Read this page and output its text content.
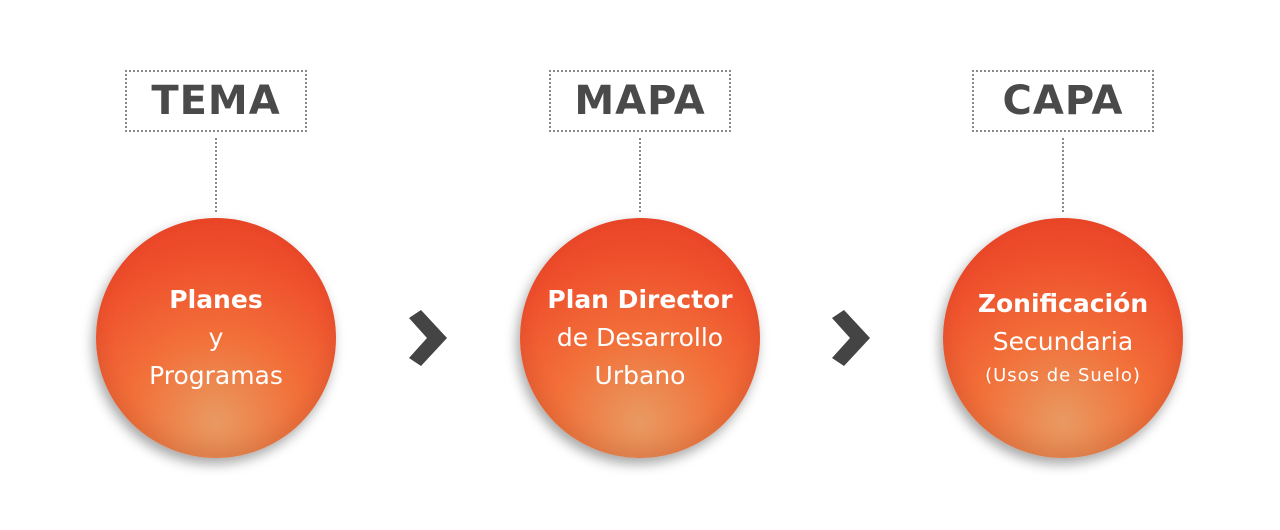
TEMA
Planes
y
Programas
MAPA
Plan Director
de Desarrollo
Urbano
CAPA
Zonificación
Secundaria
(Usos de Suelo)
